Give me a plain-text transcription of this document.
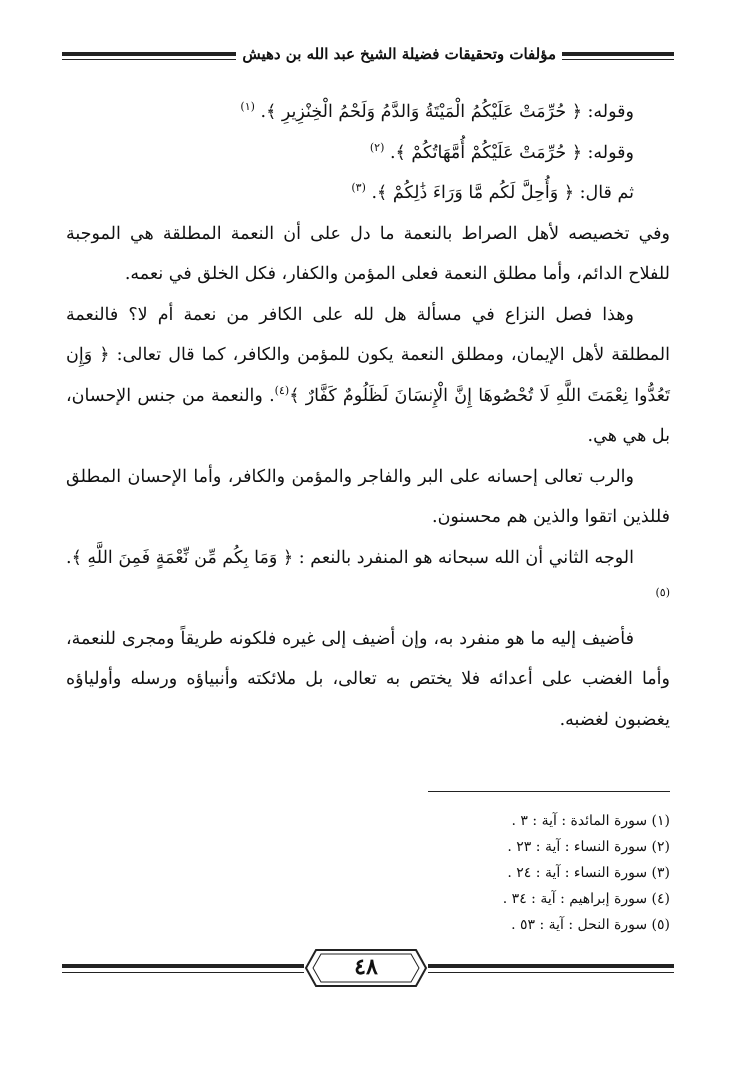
مؤلفات وتحقيقات فضيلة الشيخ عبد الله بن دهيش

وقوله: ﴿ حُرِّمَتْ عَلَيْكُمُ الْمَيْتَةُ وَالدَّمُ وَلَحْمُ الْخِنْزِيرِ ﴾. $^{(١)}$

وقوله: ﴿ حُرِّمَتْ عَلَيْكُمْ أُمَّهَاتُكُمْ ﴾. $^{(٢)}$

ثم قال: ﴿ وَأُحِلَّ لَكُم مَّا وَرَاءَ ذَٰلِكُمْ ﴾. $^{(٣)}$

وفي تخصيصه لأهل الصراط بالنعمة ما دل على أن النعمة المطلقة هي الموجبة للفلاح الدائم، وأما مطلق النعمة فعلى المؤمن والكفار، فكل الخلق في نعمه.

وهذا فصل النزاع في مسألة هل لله على الكافر من نعمة أم لا؟ فالنعمة المطلقة لأهل الإيمان، ومطلق النعمة يكون للمؤمن والكافر، كما قال تعالى: ﴿ وَإِن تَعُدُّوا نِعْمَتَ اللَّهِ لَا تُحْصُوهَا إِنَّ الْإِنسَانَ لَظَلُومٌ كَفَّارٌ ﴾$^{(٤)}$. والنعمة من جنس الإحسان، بل هي هي.

والرب تعالى إحسانه على البر والفاجر والمؤمن والكافر، وأما الإحسان المطلق فللذين اتقوا والذين هم محسنون.

الوجه الثاني أن الله سبحانه هو المنفرد بالنعم : ﴿ وَمَا بِكُم مِّن نِّعْمَةٍ فَمِنَ اللَّهِ ﴾. $^{(٥)}$

فأضيف إليه ما هو منفرد به، وإن أضيف إلى غيره فلكونه طريقاً ومجرى للنعمة، وأما الغضب على أعدائه فلا يختص به تعالى، بل ملائكته وأنبياؤه ورسله وأولياؤه يغضبون لغضبه.

(١) سورة المائدة : آية : ٣ .
(٢) سورة النساء : آية : ٢٣ .
(٣) سورة النساء : آية : ٢٤ .
(٤) سورة إبراهيم : آية : ٣٤ .
(٥) سورة النحل : آية : ٥٣ .
٤٨
